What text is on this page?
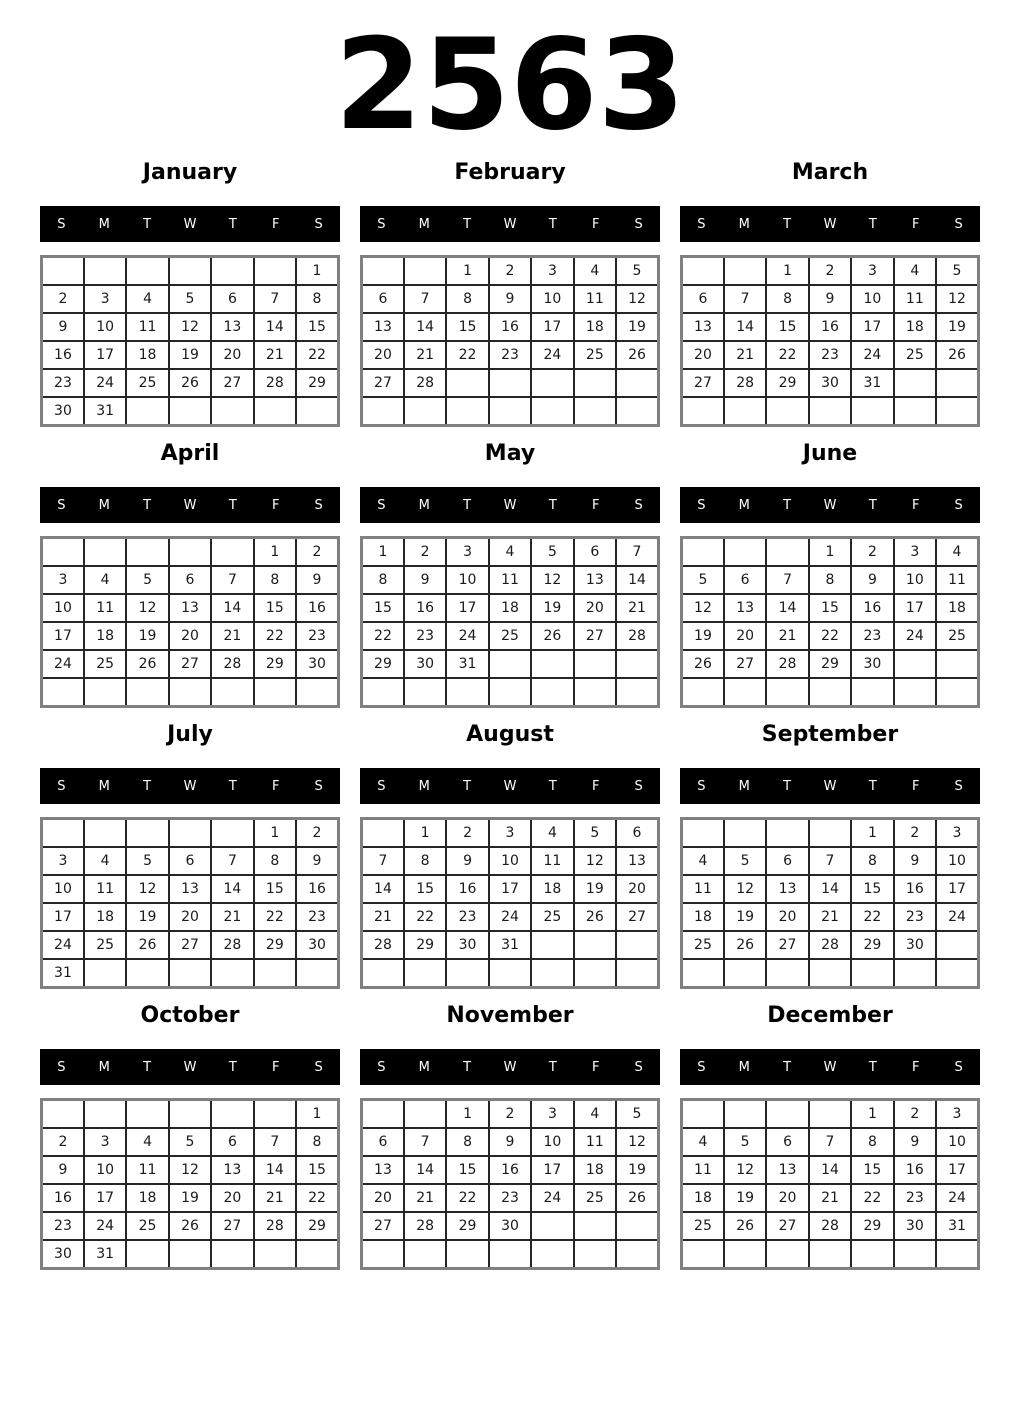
2563
January
S	M	T	W	T	F	S
						1
2	3	4	5	6	7	8
9	10	11	12	13	14	15
16	17	18	19	20	21	22
23	24	25	26	27	28	29
30	31					
February
S	M	T	W	T	F	S
		1	2	3	4	5
6	7	8	9	10	11	12
13	14	15	16	17	18	19
20	21	22	23	24	25	26
27	28					

March
S	M	T	W	T	F	S
		1	2	3	4	5
6	7	8	9	10	11	12
13	14	15	16	17	18	19
20	21	22	23	24	25	26
27	28	29	30	31		

April
S	M	T	W	T	F	S
					1	2
3	4	5	6	7	8	9
10	11	12	13	14	15	16
17	18	19	20	21	22	23
24	25	26	27	28	29	30

May
S	M	T	W	T	F	S
1	2	3	4	5	6	7
8	9	10	11	12	13	14
15	16	17	18	19	20	21
22	23	24	25	26	27	28
29	30	31				

June
S	M	T	W	T	F	S
			1	2	3	4
5	6	7	8	9	10	11
12	13	14	15	16	17	18
19	20	21	22	23	24	25
26	27	28	29	30		

July
S	M	T	W	T	F	S
					1	2
3	4	5	6	7	8	9
10	11	12	13	14	15	16
17	18	19	20	21	22	23
24	25	26	27	28	29	30
31						
August
S	M	T	W	T	F	S
	1	2	3	4	5	6
7	8	9	10	11	12	13
14	15	16	17	18	19	20
21	22	23	24	25	26	27
28	29	30	31			

September
S	M	T	W	T	F	S
				1	2	3
4	5	6	7	8	9	10
11	12	13	14	15	16	17
18	19	20	21	22	23	24
25	26	27	28	29	30	

October
S	M	T	W	T	F	S
						1
2	3	4	5	6	7	8
9	10	11	12	13	14	15
16	17	18	19	20	21	22
23	24	25	26	27	28	29
30	31					
November
S	M	T	W	T	F	S
		1	2	3	4	5
6	7	8	9	10	11	12
13	14	15	16	17	18	19
20	21	22	23	24	25	26
27	28	29	30			

December
S	M	T	W	T	F	S
				1	2	3
4	5	6	7	8	9	10
11	12	13	14	15	16	17
18	19	20	21	22	23	24
25	26	27	28	29	30	31
